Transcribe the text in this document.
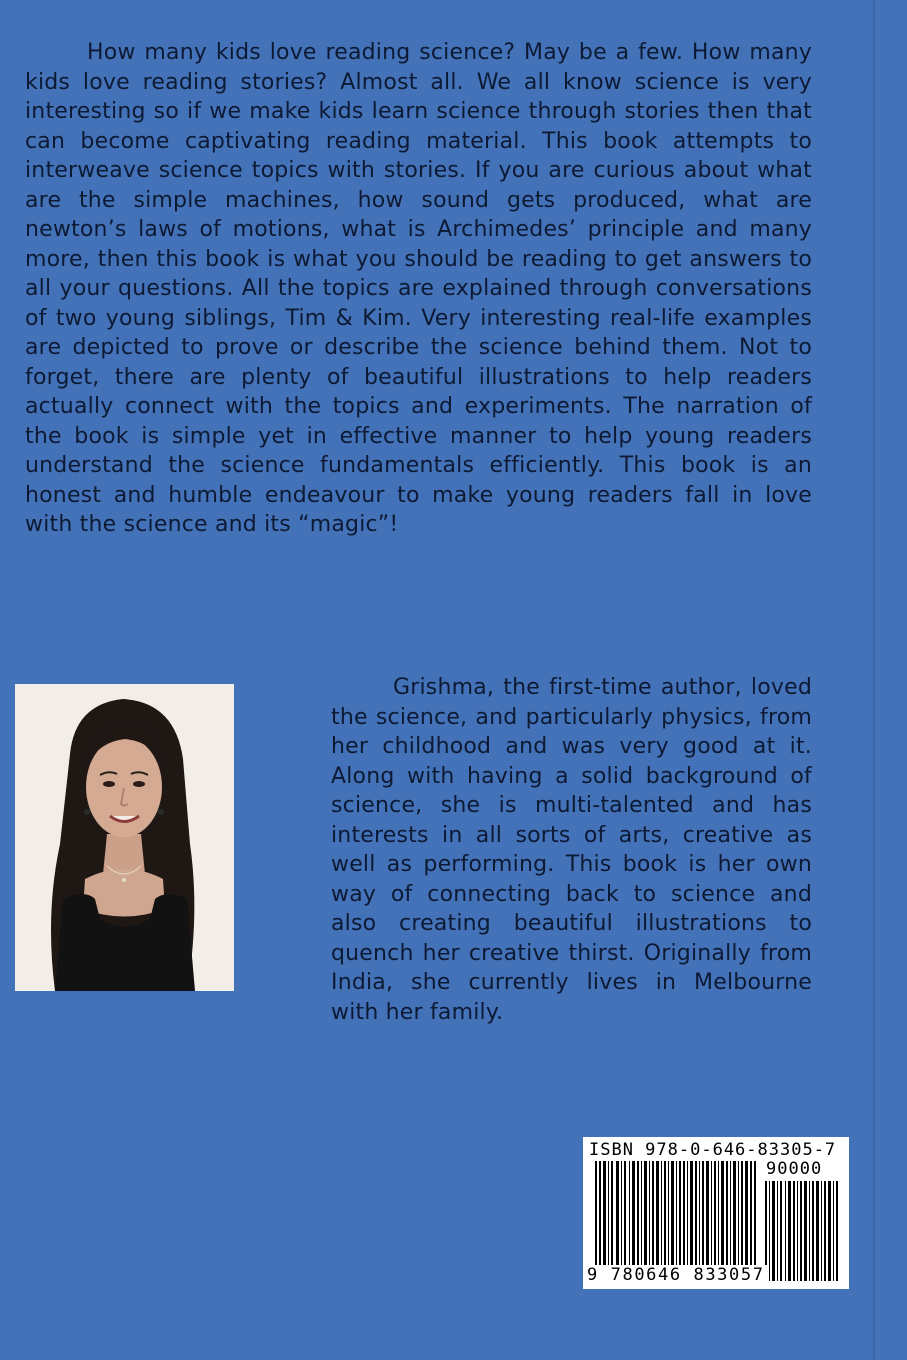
How many kids love reading science? May be a few. How many kids love reading stories? Almost all. We all know science is very interesting so if we make kids learn science through stories then that can become captivating reading material. This book attempts to interweave science topics with stories. If you are curious about what are the simple machines, how sound gets produced, what are newton’s laws of motions, what is Archimedes’ principle and many more, then this book is what you should be reading to get answers to all your questions. All the topics are explained through conversations of two young siblings, Tim & Kim. Very interesting real-life examples are depicted to prove or describe the science behind them. Not to forget, there are plenty of beautiful illustrations to help readers actually connect with the topics and experiments. The narration of the book is simple yet in effective manner to help young readers understand the science fundamentals efficiently. This book is an honest and humble endeavour to make young readers fall in love with the science and its “magic”!

Grishma, the first-time author, loved the science, and particularly physics, from her childhood and was very good at it. Along with having a solid background of science, she is multi-talented and has interests in all sorts of arts, creative as well as performing. This book is her own way of connecting back to science and also creating beautiful illustrations to quench her creative thirst. Originally from India, she currently lives in Melbourne with her family.

ISBN 978-0-646-83305-7
90000
9 780646 833057
